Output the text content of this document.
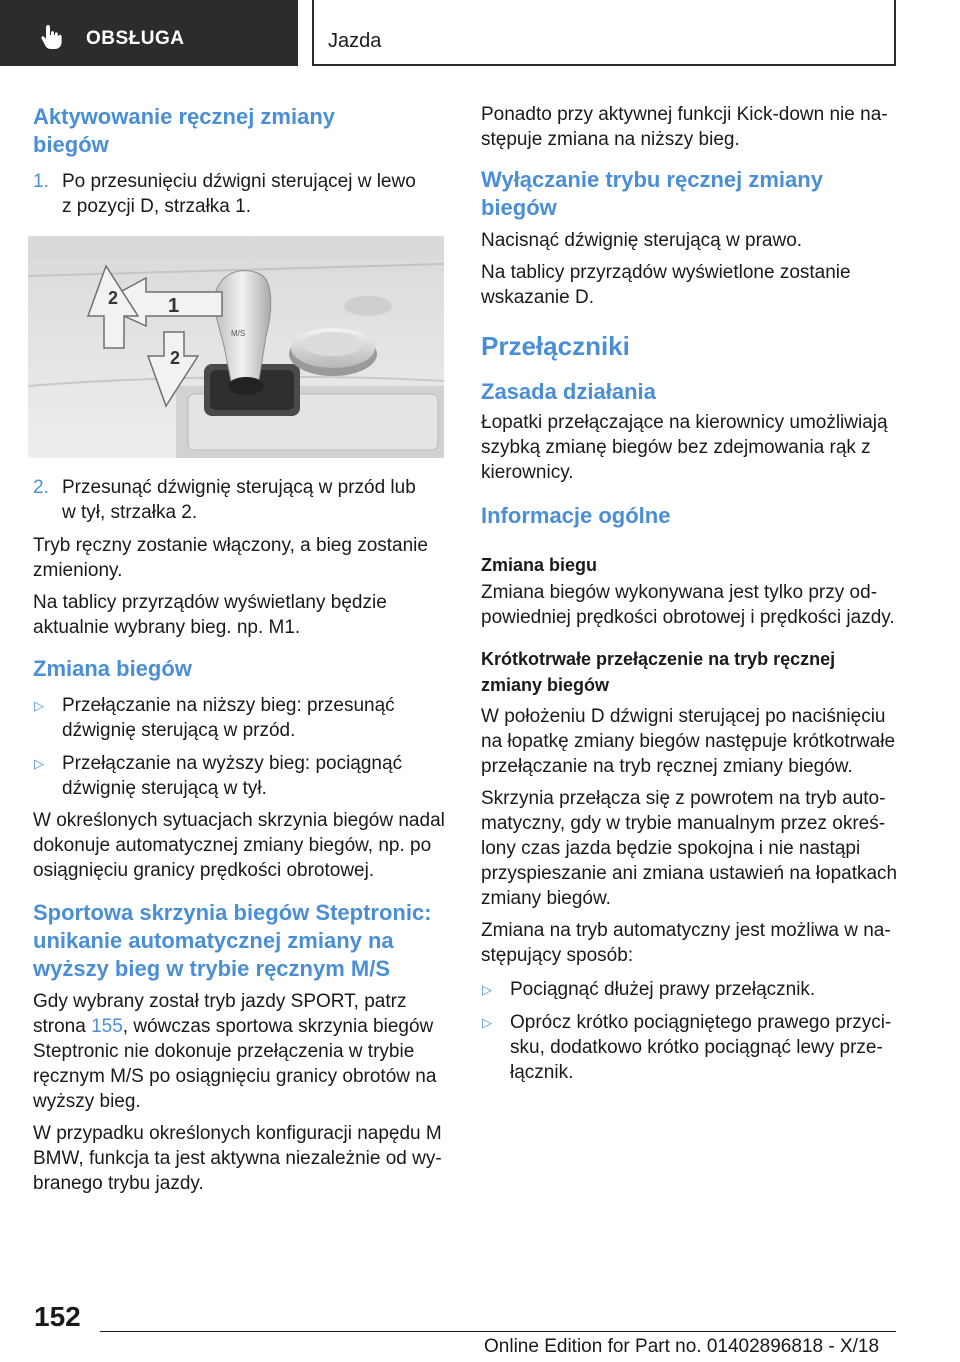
OBSŁUGA	Jazda
Aktywowanie ręcznej zmiany biegów
1. Po przesunięciu dźwigni sterującej w lewo z pozycji D, strzałka 1.
M/S
1
2
2
2. Przesunąć dźwignię sterującą w przód lub w tył, strzałka 2.

Tryb ręczny zostanie włączony, a bieg zostanie zmieniony.

Na tablicy przyrządów wyświetlany będzie aktualnie wybrany bieg. np. M1.

Zmiana biegów
▷ Przełączanie na niższy bieg: przesunąć dźwignię sterującą w przód.
▷ Przełączanie na wyższy bieg: pociągnąć dźwignię sterującą w tył.

W określonych sytuacjach skrzynia biegów nadal dokonuje automatycznej zmiany biegów, np. po osiągnięciu granicy prędkości obrotowej.

Sportowa skrzynia biegów Steptronic: unikanie automatycznej zmiany na wyższy bieg w trybie ręcznym M/S

Gdy wybrany został tryb jazdy SPORT, patrz strona 155, wówczas sportowa skrzynia biegów Steptronic nie dokonuje przełączenia w trybie ręcznym M/S po osiągnięciu granicy obrotów na wyższy bieg.

W przypadku określonych konfiguracji napędu M BMW, funkcja ta jest aktywna niezależnie od wybranego trybu jazdy.

Ponadto przy aktywnej funkcji Kick-down nie następuje zmiana na niższy bieg.

Wyłączanie trybu ręcznej zmiany biegów

Nacisnąć dźwignię sterującą w prawo.

Na tablicy przyrządów wyświetlone zostanie wskazanie D.

Przełączniki
Zasada działania

Łopatki przełączające na kierownicy umożliwiają szybką zmianę biegów bez zdejmowania rąk z kierownicy.

Informacje ogólne
Zmiana biegu

Zmiana biegów wykonywana jest tylko przy odpowiedniej prędkości obrotowej i prędkości jazdy.

Krótkotrwałe przełączenie na tryb ręcznej zmiany biegów

W położeniu D dźwigni sterującej po naciśnięciu na łopatkę zmiany biegów następuje krótkotrwałe przełączanie na tryb ręcznej zmiany biegów.

Skrzynia przełącza się z powrotem na tryb automatyczny, gdy w trybie manualnym przez określony czas jazda będzie spokojna i nie nastąpi przyspieszanie ani zmiana ustawień na łopatkach zmiany biegów.

Zmiana na tryb automatyczny jest możliwa w następujący sposób:

▷ Pociągnąć dłużej prawy przełącznik.
▷ Oprócz krótko pociągniętego prawego przycisku, dodatkowo krótko pociągnąć lewy przełącznik.
152
Online Edition for Part no. 01402896818 - X/18
